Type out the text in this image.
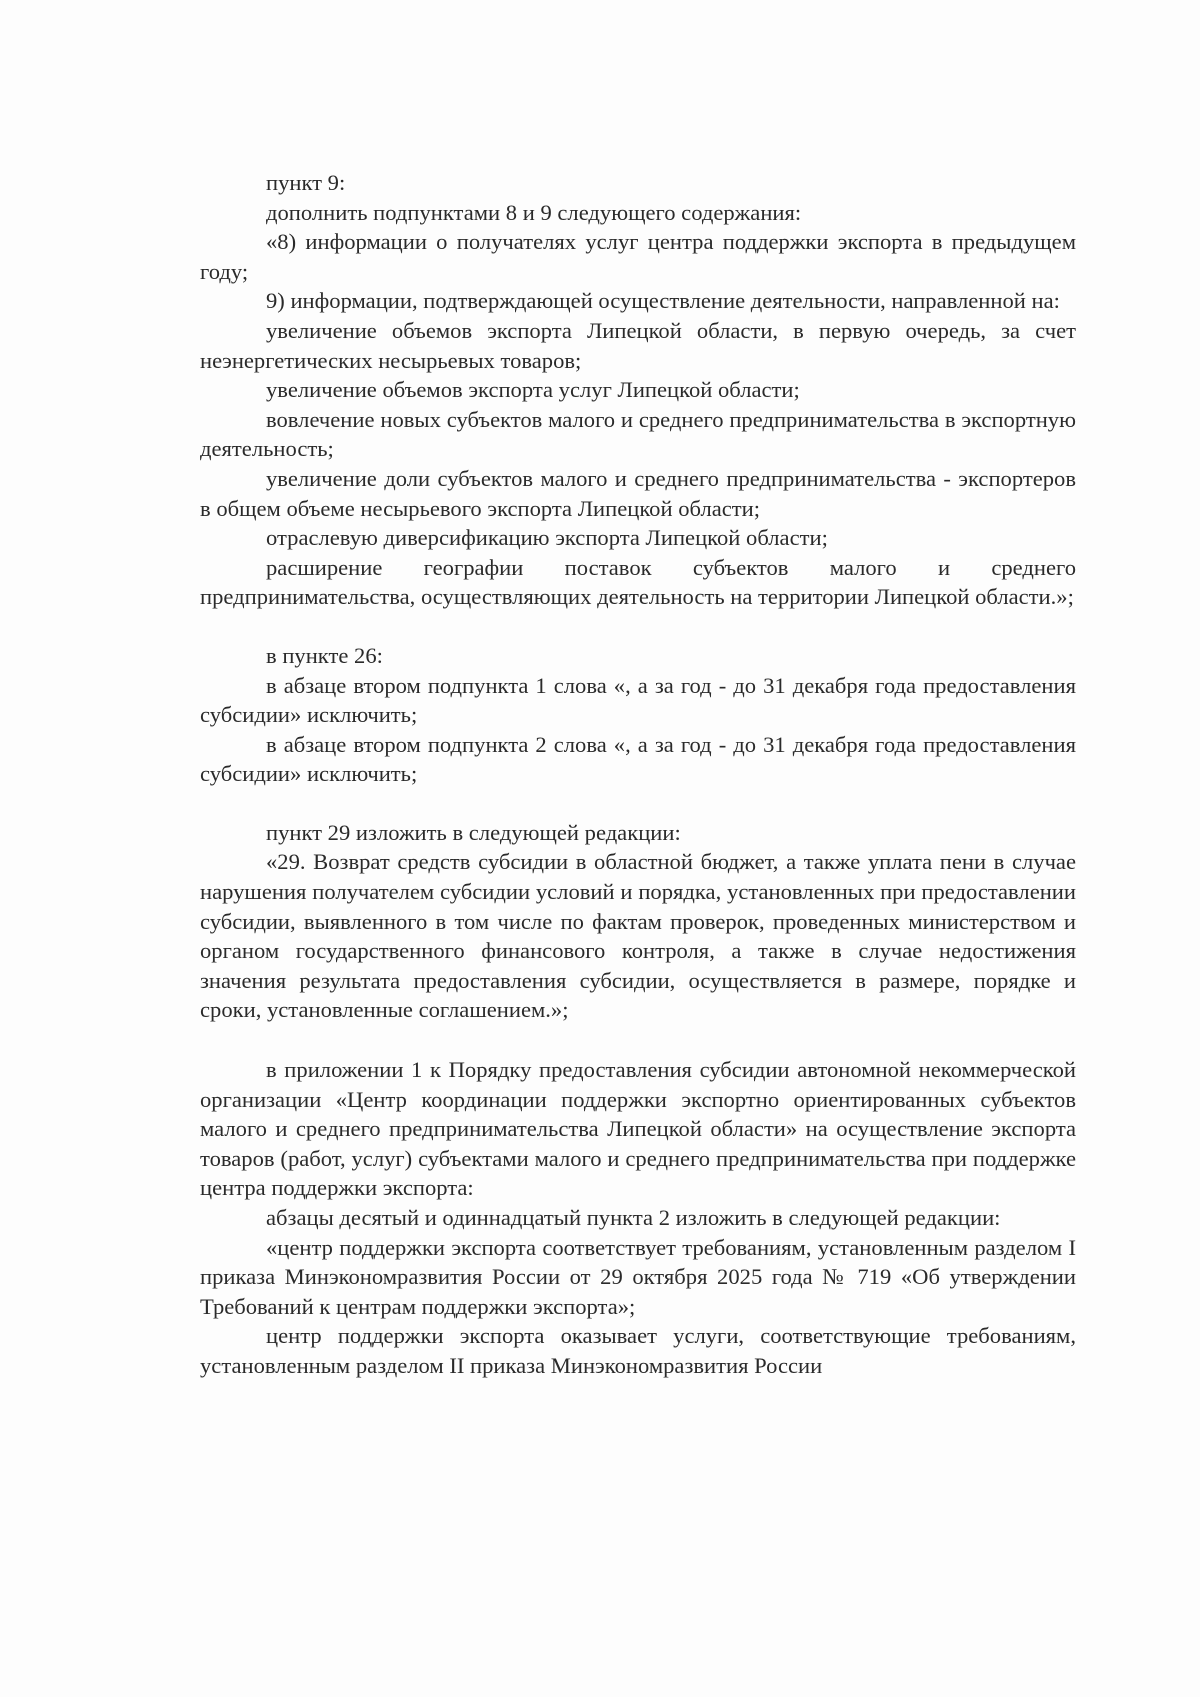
пункт 9:

дополнить подпунктами 8 и 9 следующего содержания:

«8) информации о получателях услуг центра поддержки экспорта в предыдущем году;

9) информации, подтверждающей осуществление деятельности, направленной на:

увеличение объемов экспорта Липецкой области, в первую очередь, за счет неэнергетических несырьевых товаров;

увеличение объемов экспорта услуг Липецкой области;

вовлечение новых субъектов малого и среднего предпринимательства в экспортную деятельность;

увеличение доли субъектов малого и среднего предпринимательства - экспортеров в общем объеме несырьевого экспорта Липецкой области;

отраслевую диверсификацию экспорта Липецкой области;

расширение географии поставок субъектов малого и среднего предпринимательства, осуществляющих деятельность на территории Липецкой области.»;

в пункте 26:

в абзаце втором подпункта 1 слова «, а за год - до 31 декабря года предоставления субсидии» исключить;

в абзаце втором подпункта 2 слова «, а за год - до 31 декабря года предоставления субсидии» исключить;

пункт 29 изложить в следующей редакции:

«29. Возврат средств субсидии в областной бюджет, а также уплата пени в случае нарушения получателем субсидии условий и порядка, установленных при предоставлении субсидии, выявленного в том числе по фактам проверок, проведенных министерством и органом государственного финансового контроля, а также в случае недостижения значения результата предоставления субсидии, осуществляется в размере, порядке и сроки, установленные соглашением.»;

в приложении 1 к Порядку предоставления субсидии автономной некоммерческой организации «Центр координации поддержки экспортно ориентированных субъектов малого и среднего предпринимательства Липецкой области» на осуществление экспорта товаров (работ, услуг) субъектами малого и среднего предпринимательства при поддержке центра поддержки экспорта:

абзацы десятый и одиннадцатый пункта 2 изложить в следующей редакции:

«центр поддержки экспорта соответствует требованиям, установленным разделом I приказа Минэкономразвития России от 29 октября 2025 года № 719 «Об утверждении Требований к центрам поддержки экспорта»;

центр поддержки экспорта оказывает услуги, соответствующие требованиям, установленным разделом II приказа Минэкономразвития России
